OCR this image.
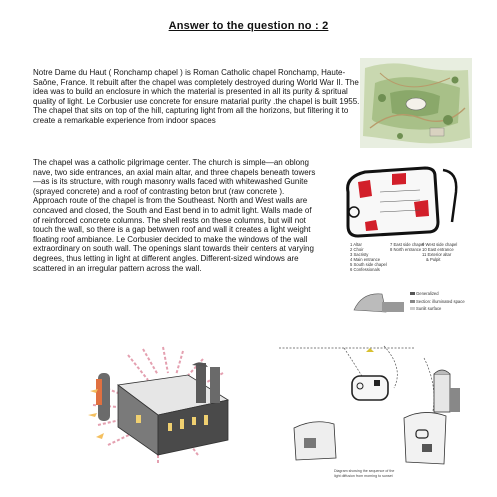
Answer to the question no : 2

Notre Dame du Haut ( Ronchamp chapel ) is Roman Catholic chapel Ronchamp, Haute-Saône, France. It rebuilt after the chapel was completely destroyed during World War II. The idea was to build an enclosure in which the material is presented in all its purity & spritual quality of light. Le Corbusier use concrete for ensure matarial purity .the chapel is built 1955. The chapel that sits on top of the hill, capturing light from all the horizons, but filtering it to create a remarkable experience from indoor spaces

The chapel was a catholic pilgrimage center. The church is simple—an oblong nave, two side entrances, an axial main altar, and three chapels beneath towers—as is its structure, with rough masonry walls faced with whitewashed Gunite (sprayed concrete) and a roof of contrasting beton brut (raw concrete ). Approach route of the chapel is from the Southeast. North and West walls are concaved and closed, the South and East bend in to admit light. Walls made of of reinforced concrete columns. The shell rests on these columns, but will not touch the wall, so there is a gap betwwen roof and wall it creates a light weight floating roof ambiance. Le Corbusier decided to make the windows of the wall extraordinary on south wall. The openings slant towards their centers at varying degrees, thus letting in light at different angles. Different-sized windows are scattered in an irregular pattern across the wall.

1 Altar
2 Choir
3 Sacristy
4 Main entrance
5 South side chapel
6 Confessionals
7 East side chapel
8 North entrance
9 West side chapel
10 East entrance
11 Exterior altar
& Pulpit
Generalized
Section: illuminated space
Sunlit surface
Diagram showing the sequence of the
light diffusion from morning to sunset
